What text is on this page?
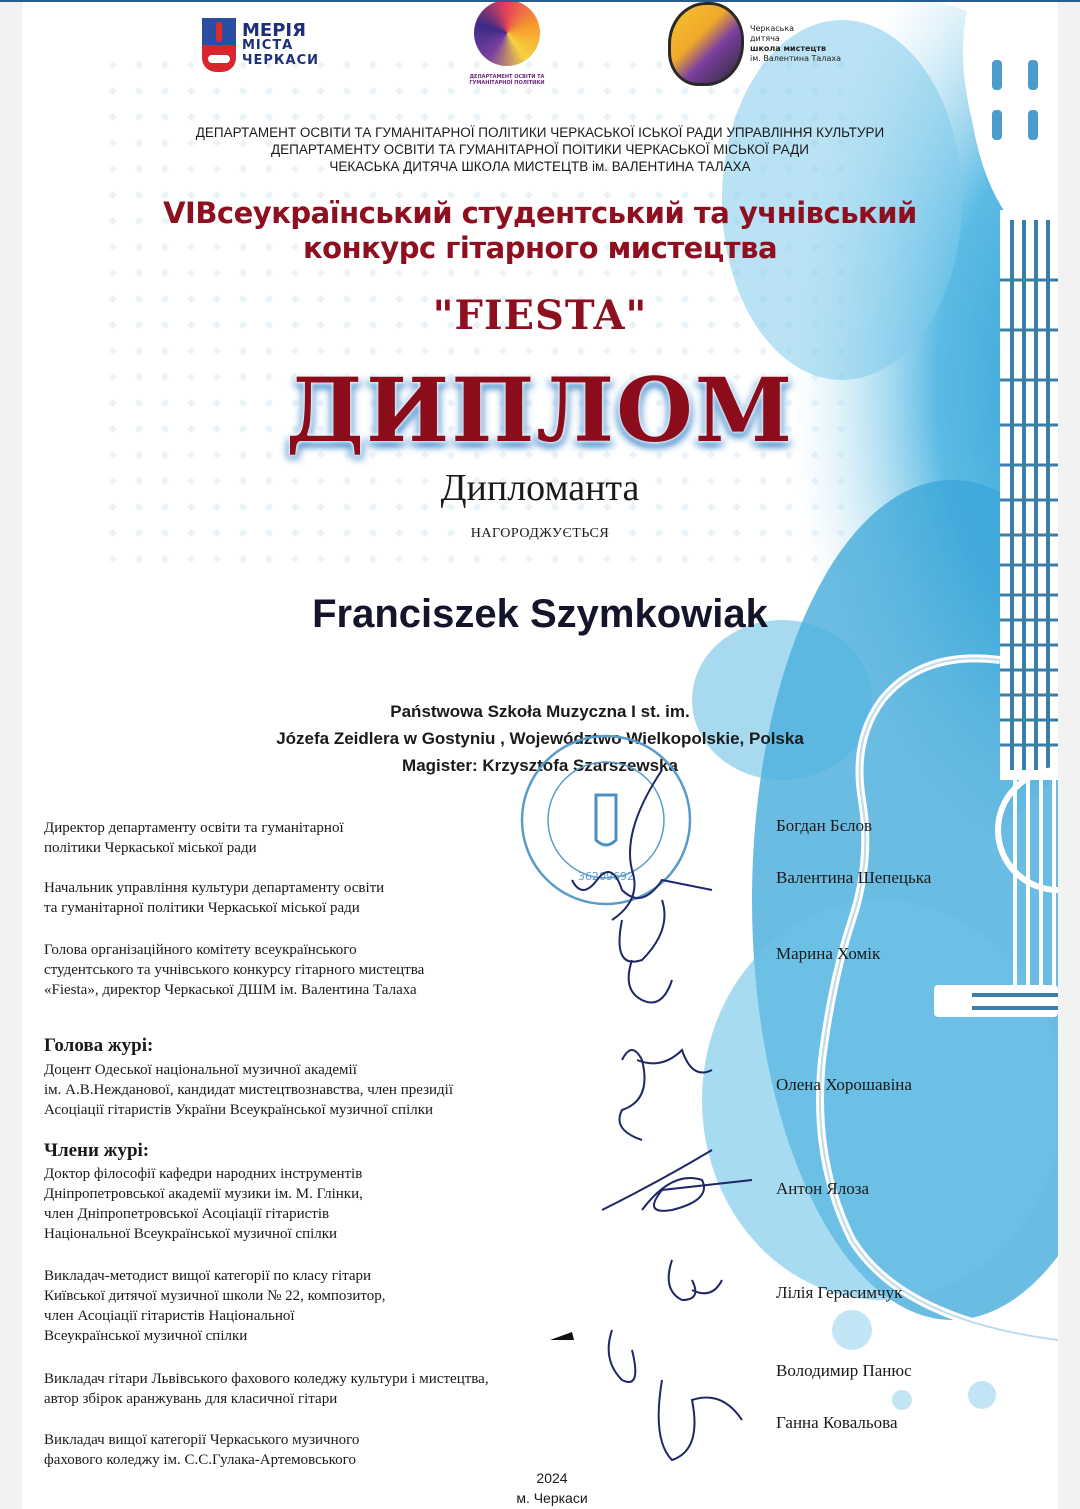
МЕРІЯ
МІСТА
ЧЕРКАСИ
ДЕПАРТАМЕНТ ОСВІТИ ТА
ГУМАНІТАРНОЇ ПОЛІТИКИ
Черкаська
дитяча
школа мистецтв
ім. Валентина Талаха
ДЕПАРТАМЕНТ ОСВІТИ ТА ГУМАНІТАРНОЇ ПОЛІТИКИ ЧЕРКАСЬКОЇ ІСЬКОЇ РАДИ УПРАВЛІННЯ КУЛЬТУРИ
ДЕПАРТАМЕНТУ ОСВІТИ ТА ГУМАНІТАРНОЇ ПОІТИКИ ЧЕРКАСЬКОЇ МІСЬКОЇ РАДИ
ЧЕКАСЬКА ДИТЯЧА ШКОЛА МИСТЕЦТВ ім. ВАЛЕНТИНА ТАЛАХА
VIВсеукраїнський студентський та учнівський
конкурс гітарного мистецтва
"FIESTA"
ДИПЛОМ
Дипломанта
НАГОРОДЖУЄТЬСЯ
Franciszek Szymkowiak
Państwowa Szkoła Muzyczna I st. im.
Józefa Zeidlera w Gostyniu , Województwo Wielkopolskie, Polska
Magister: Krzysztofa Szarszewska
36209692
Директор департаменту освіти та гуманітарної
політики Черкаської міської ради
Начальник управління культури департаменту освіти
та гуманітарної політики Черкаської міської ради
Голова організаційного комітету всеукраїнського
студентського та учнівського конкурсу гітарного мистецтва
«Fiesta», директор Черкаської ДШМ ім. Валентина Талаха
Голова журі:
Доцент Одеської національної музичної академії
ім. А.В.Нежданової, кандидат мистецтвознавства, член президії
Асоціації гітаристів України Всеукраїнської музичної спілки
Члени журі:
Доктор філософії кафедри народних інструментів
Дніпропетровської академії музики ім. М. Глінки,
член Дніпропетровської Асоціації гітаристів
Національної Всеукраїнської музичної спілки
Викладач-методист вищої категорії по класу гітари
Київської дитячої музичної школи № 22, композитор,
член Асоціації гітаристів Національної
Всеукраїнської музичної спілки
Викладач гітари Львівського фахового коледжу культури і мистецтва,
автор збірок аранжувань для класичної гітари
Викладач вищої категорії Черкаського музичного
фахового коледжу ім. С.С.Гулака-Артемовського
Богдан Бєлов
Валентина Шепецька
Марина Хомік
Олена Хорошавіна
Антон Ялоза
Лілія Герасимчук
Володимир Панюс
Ганна Ковальова
2024
м. Черкаси
